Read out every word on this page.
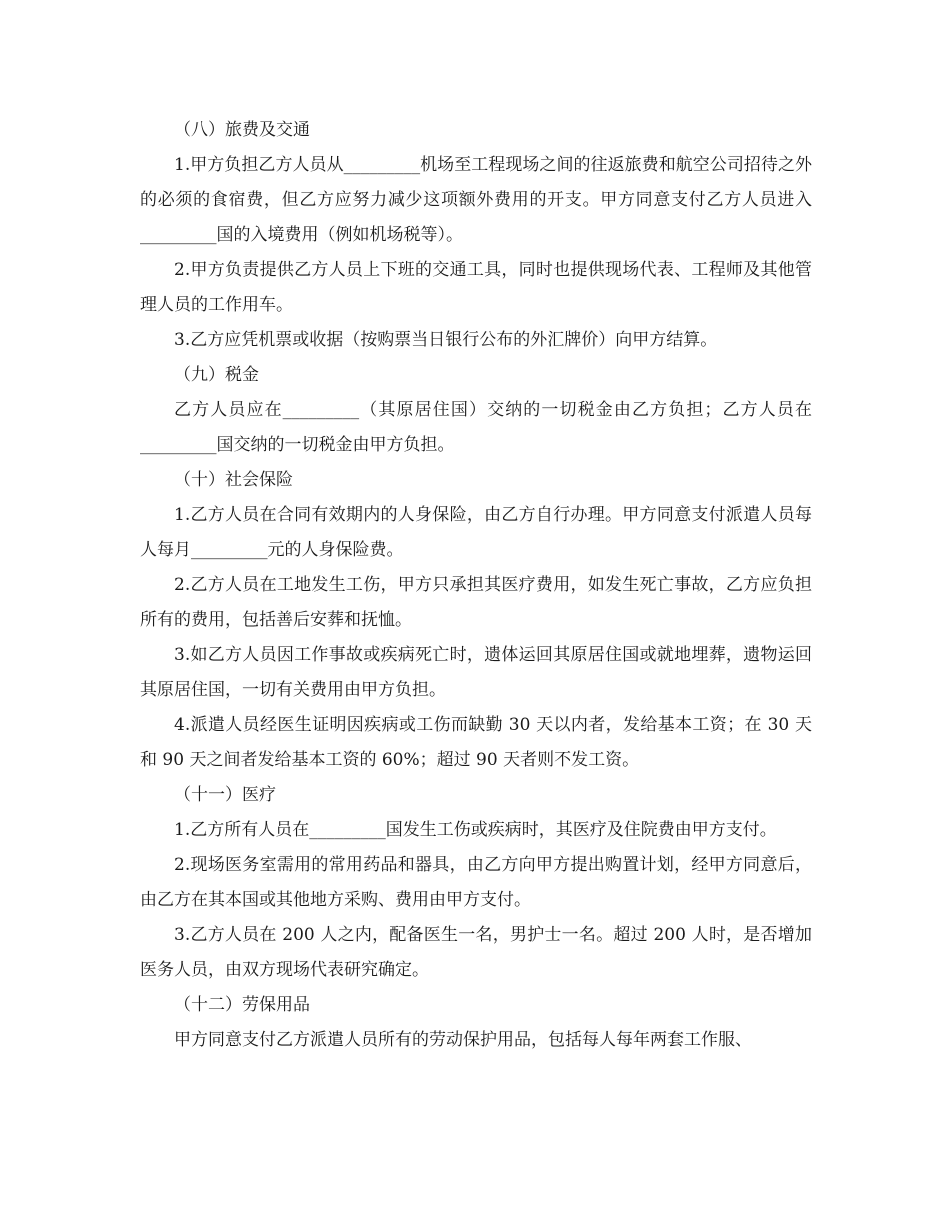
（八）旅费及交通

1.甲方负担乙方人员从_________机场至工程现场之间的往返旅费和航空公司招待之外的必须的食宿费，但乙方应努力减少这项额外费用的开支。甲方同意支付乙方人员进入_________国的入境费用（例如机场税等）。

2.甲方负责提供乙方人员上下班的交通工具，同时也提供现场代表、工程师及其他管理人员的工作用车。

3.乙方应凭机票或收据（按购票当日银行公布的外汇牌价）向甲方结算。

（九）税金

乙方人员应在_________（其原居住国）交纳的一切税金由乙方负担；乙方人员在_________国交纳的一切税金由甲方负担。

（十）社会保险

1.乙方人员在合同有效期内的人身保险，由乙方自行办理。甲方同意支付派遣人员每人每月_________元的人身保险费。

2.乙方人员在工地发生工伤，甲方只承担其医疗费用，如发生死亡事故，乙方应负担所有的费用，包括善后安葬和抚恤。

3.如乙方人员因工作事故或疾病死亡时，遗体运回其原居住国或就地埋葬，遗物运回其原居住国，一切有关费用由甲方负担。

4.派遣人员经医生证明因疾病或工伤而缺勤 30 天以内者，发给基本工资；在 30 天和 90 天之间者发给基本工资的 60%；超过 90 天者则不发工资。

（十一）医疗

1.乙方所有人员在_________国发生工伤或疾病时，其医疗及住院费由甲方支付。

2.现场医务室需用的常用药品和器具，由乙方向甲方提出购置计划，经甲方同意后，由乙方在其本国或其他地方采购、费用由甲方支付。

3.乙方人员在 200 人之内，配备医生一名，男护士一名。超过 200 人时，是否增加医务人员，由双方现场代表研究确定。

（十二）劳保用品

甲方同意支付乙方派遣人员所有的劳动保护用品，包括每人每年两套工作服、
